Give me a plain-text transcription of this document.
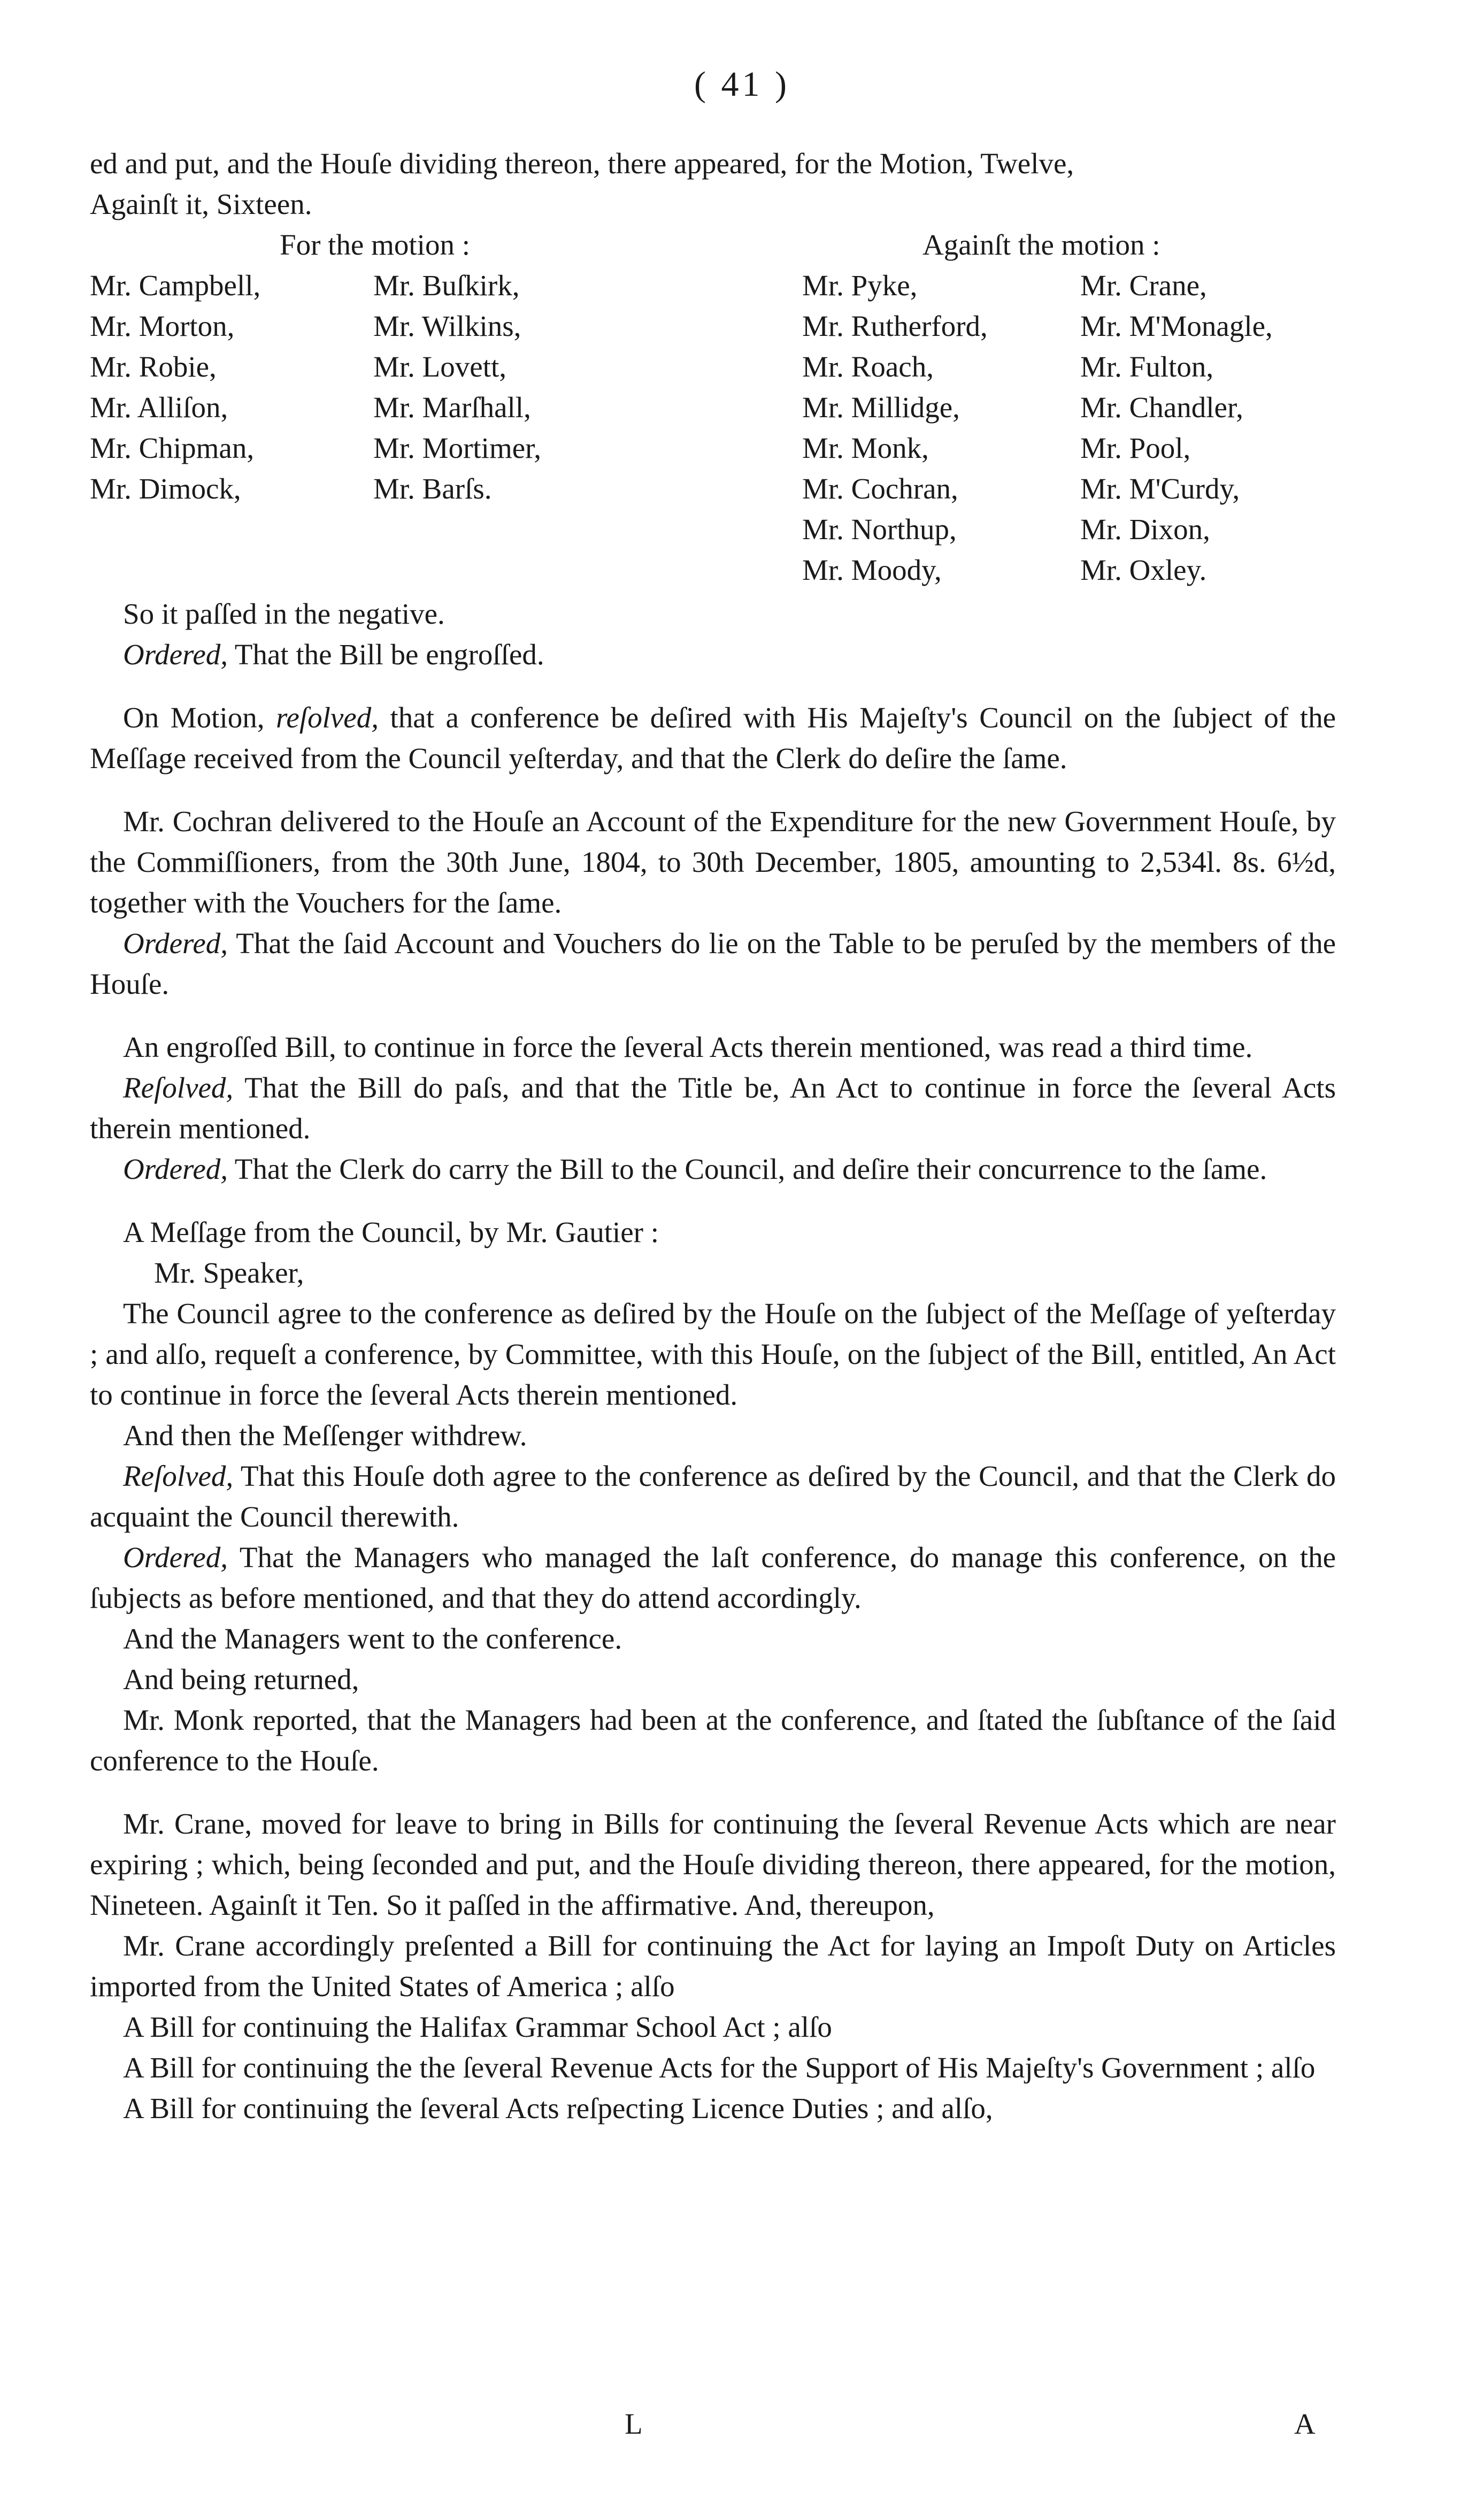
( 41 )

ed and put, and the Houſe dividing thereon, there appeared, for the Motion, Twelve,

Againſt it, Sixteen.

For the motion :
Mr. Campbell,
Mr. Morton,
Mr. Robie,
Mr. Alliſon,
Mr. Chipman,
Mr. Dimock,
Mr. Buſkirk,
Mr. Wilkins,
Mr. Lovett,
Mr. Marſhall,
Mr. Mortimer,
Mr. Barſs.
Againſt the motion :
Mr. Pyke,
Mr. Rutherford,
Mr. Roach,
Mr. Millidge,
Mr. Monk,
Mr. Cochran,
Mr. Northup,
Mr. Moody,
Mr. Crane,
Mr. M'Monagle,
Mr. Fulton,
Mr. Chandler,
Mr. Pool,
Mr. M'Curdy,
Mr. Dixon,
Mr. Oxley.

So it paſſed in the negative.

Ordered, That the Bill be engroſſed.

On Motion, reſolved, that a conference be deſired with His Majeſty's Council on the ſubject of the Meſſage received from the Council yeſterday, and that the Clerk do deſire the ſame.

Mr. Cochran delivered to the Houſe an Account of the Expenditure for the new Government Houſe, by the Commiſſioners, from the 30th June, 1804, to 30th December, 1805, amounting to 2,534l. 8s. 6½d, together with the Vouchers for the ſame.

Ordered, That the ſaid Account and Vouchers do lie on the Table to be peruſed by the members of the Houſe.

An engroſſed Bill, to continue in force the ſeveral Acts therein mentioned, was read a third time.

Reſolved, That the Bill do paſs, and that the Title be, An Act to continue in force the ſeveral Acts therein mentioned.

Ordered, That the Clerk do carry the Bill to the Council, and deſire their concurrence to the ſame.

A Meſſage from the Council, by Mr. Gautier :

Mr. Speaker,

The Council agree to the conference as deſired by the Houſe on the ſubject of the Meſſage of yeſterday ; and alſo, requeſt a conference, by Committee, with this Houſe, on the ſubject of the Bill, entitled, An Act to continue in force the ſeveral Acts therein mentioned.

And then the Meſſenger withdrew.

Reſolved, That this Houſe doth agree to the conference as deſired by the Council, and that the Clerk do acquaint the Council therewith.

Ordered, That the Managers who managed the laſt conference, do manage this conference, on the ſubjects as before mentioned, and that they do attend accordingly.

And the Managers went to the conference.

And being returned,

Mr. Monk reported, that the Managers had been at the conference, and ſtated the ſubſtance of the ſaid conference to the Houſe.

Mr. Crane, moved for leave to bring in Bills for continuing the ſeveral Revenue Acts which are near expiring ; which, being ſeconded and put, and the Houſe dividing thereon, there appeared, for the motion, Nineteen. Againſt it Ten. So it paſſed in the affirmative. And, thereupon,

Mr. Crane accordingly preſented a Bill for continuing the Act for laying an Impoſt Duty on Articles imported from the United States of America ; alſo

A Bill for continuing the Halifax Grammar School Act ; alſo

A Bill for continuing the the ſeveral Revenue Acts for the Support of His Majeſty's Government ; alſo

A Bill for continuing the ſeveral Acts reſpecting Licence Duties ; and alſo,

L	A
